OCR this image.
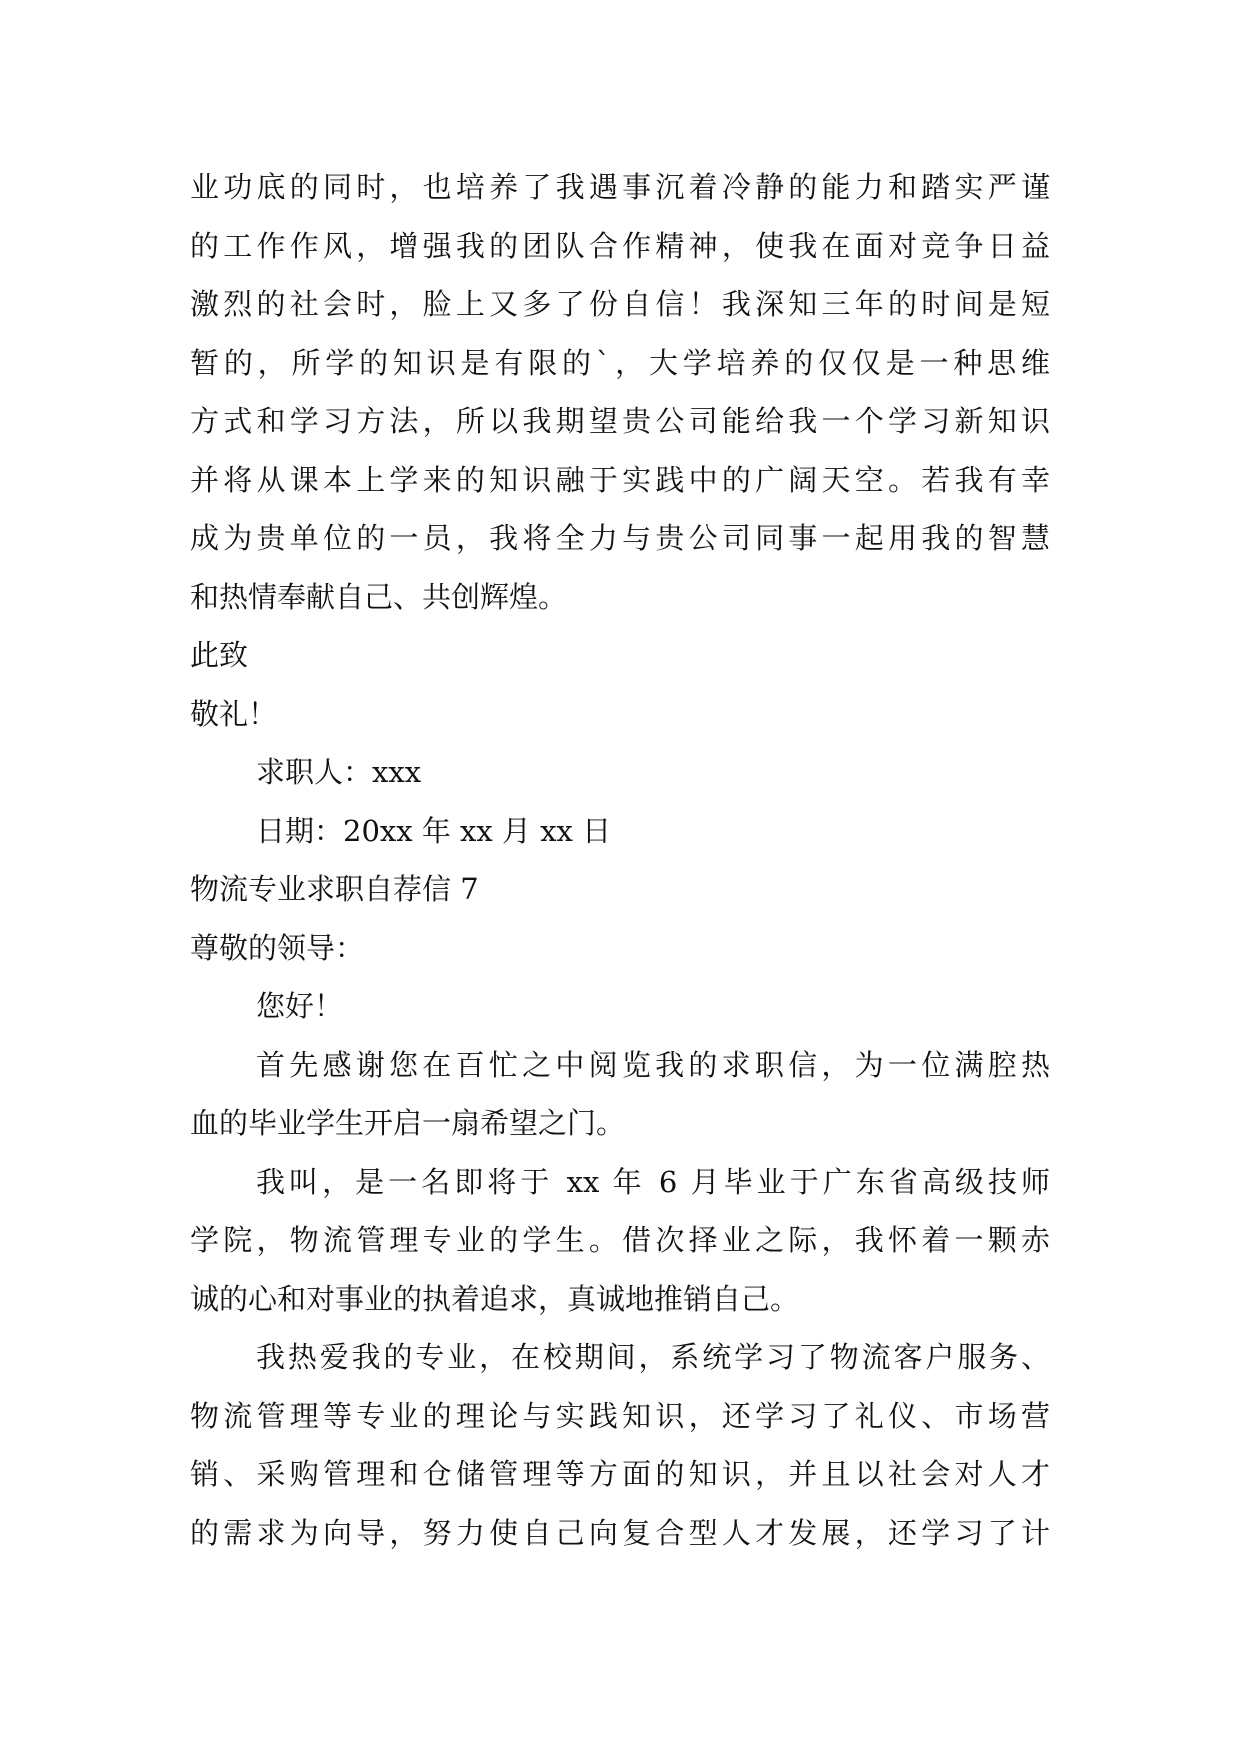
业功底的同时，也培养了我遇事沉着冷静的能力和踏实严谨
的工作作风，增强我的团队合作精神，使我在面对竞争日益
激烈的社会时，脸上又多了份自信！我深知三年的时间是短
暂的，所学的知识是有限的`，大学培养的仅仅是一种思维
方式和学习方法，所以我期望贵公司能给我一个学习新知识
并将从课本上学来的知识融于实践中的广阔天空。若我有幸
成为贵单位的一员，我将全力与贵公司同事一起用我的智慧
和热情奉献自己、共创辉煌。
此致
敬礼！
求职人：xxx
日期：20xx 年 xx 月 xx 日
物流专业求职自荐信 7
尊敬的领导：
您好！
首先感谢您在百忙之中阅览我的求职信，为一位满腔热
血的毕业学生开启一扇希望之门。
我叫，是一名即将于 xx 年 6 月毕业于广东省高级技师
学院，物流管理专业的学生。借次择业之际，我怀着一颗赤
诚的心和对事业的执着追求，真诚地推销自己。
我热爱我的专业，在校期间，系统学习了物流客户服务、
物流管理等专业的理论与实践知识，还学习了礼仪、市场营
销、采购管理和仓储管理等方面的知识，并且以社会对人才
的需求为向导，努力使自己向复合型人才发展，还学习了计
